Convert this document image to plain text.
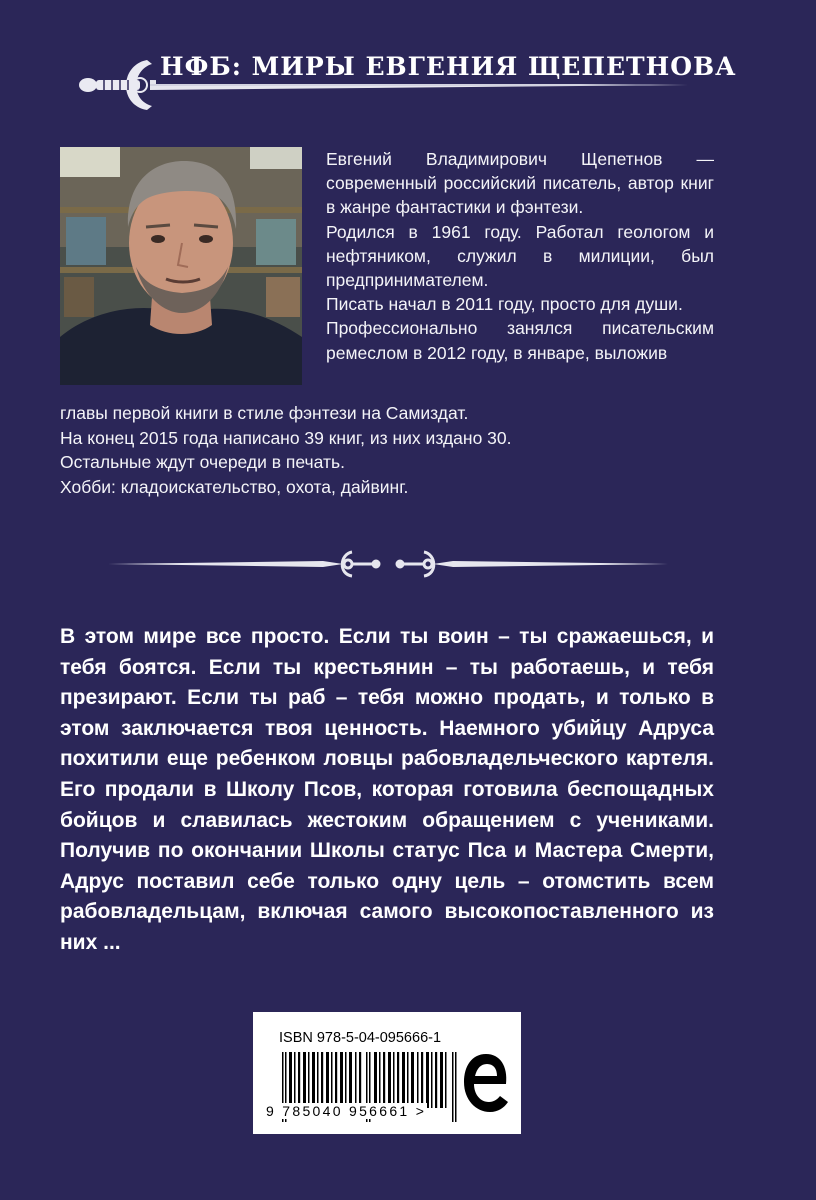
НФБ: МИРЫ ЕВГЕНИЯ ЩЕПЕТНОВА

Евгений Владимирович Щепетнов — современный российский писатель, автор книг в жанре фантастики и фэнтези.

Родился в 1961 году. Работал геологом и нефтяником, служил в милиции, был предпринимателем.

Писать начал в 2011 году, просто для души.

Профессионально занялся писательским ремеслом в 2012 году, в январе, выложив

главы первой книги в стиле фэнтези на Самиздат.

На конец 2015 года написано 39 книг, из них издано 30.

Остальные ждут очереди в печать.

Хобби: кладоискательство, охота, дайвинг.

В этом мире все просто. Если ты воин – ты сражаешься, и тебя боятся. Если ты крестьянин – ты работаешь, и тебя презирают. Если ты раб – тебя можно продать, и только в этом заключается твоя ценность. Наемного убийцу Адруса похитили еще ребенком ловцы рабовладельческого картеля. Его продали в Школу Псов, которая готовила беспощадных бойцов и славилась жестоким обращением с учениками. Получив по окончании Школы статус Пса и Мастера Смерти, Адрус поставил себе только одну цель – отомстить всем рабовладельцам, включая самого высокопоставленного из них ...
ISBN 978-5-04-095666-1
9 785040 956661 >
